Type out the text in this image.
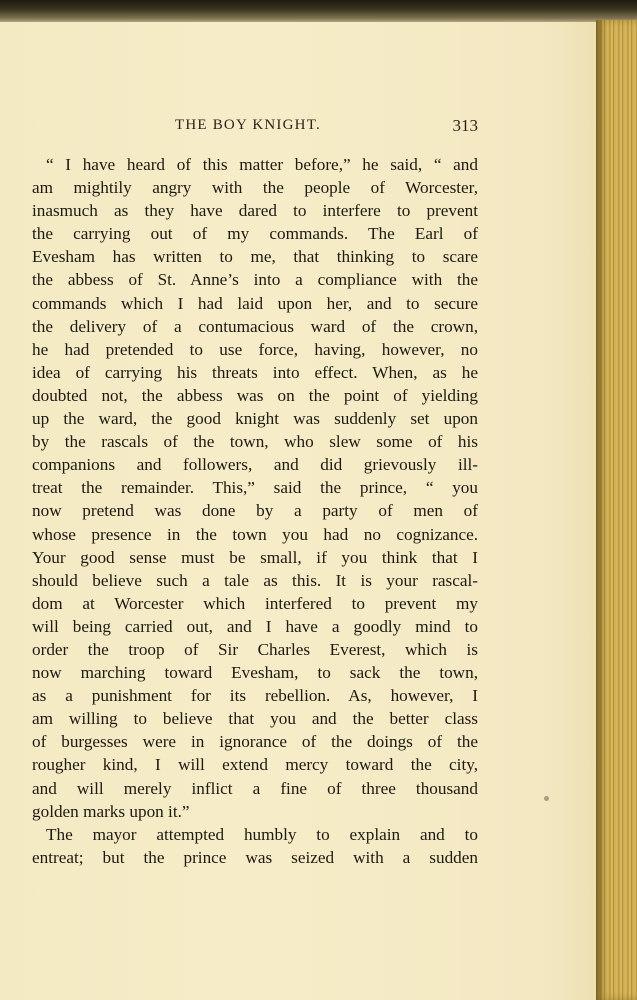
THE BOY KNIGHT.	313
“ I have heard of this matter before,” he said, “ and
am mightily angry with the people of Worcester,
inasmuch as they have dared to interfere to prevent
the carrying out of my commands. The Earl of
Evesham has written to me, that thinking to scare
the abbess of St. Anne’s into a compliance with the
commands which I had laid upon her, and to secure
the delivery of a contumacious ward of the crown,
he had pretended to use force, having, however, no
idea of carrying his threats into effect. When, as he
doubted not, the abbess was on the point of yielding
up the ward, the good knight was suddenly set upon
by the rascals of the town, who slew some of his
companions and followers, and did grievously ill-
treat the remainder. This,” said the prince, “ you
now pretend was done by a party of men of
whose presence in the town you had no cognizance.
Your good sense must be small, if you think that I
should believe such a tale as this. It is your rascal-
dom at Worcester which interfered to prevent my
will being carried out, and I have a goodly mind to
order the troop of Sir Charles Everest, which is
now marching toward Evesham, to sack the town,
as a punishment for its rebellion. As, however, I
am willing to believe that you and the better class
of burgesses were in ignorance of the doings of the
rougher kind, I will extend mercy toward the city,
and will merely inflict a fine of three thousand
golden marks upon it.”
The mayor attempted humbly to explain and to
entreat; but the prince was seized with a sudden
